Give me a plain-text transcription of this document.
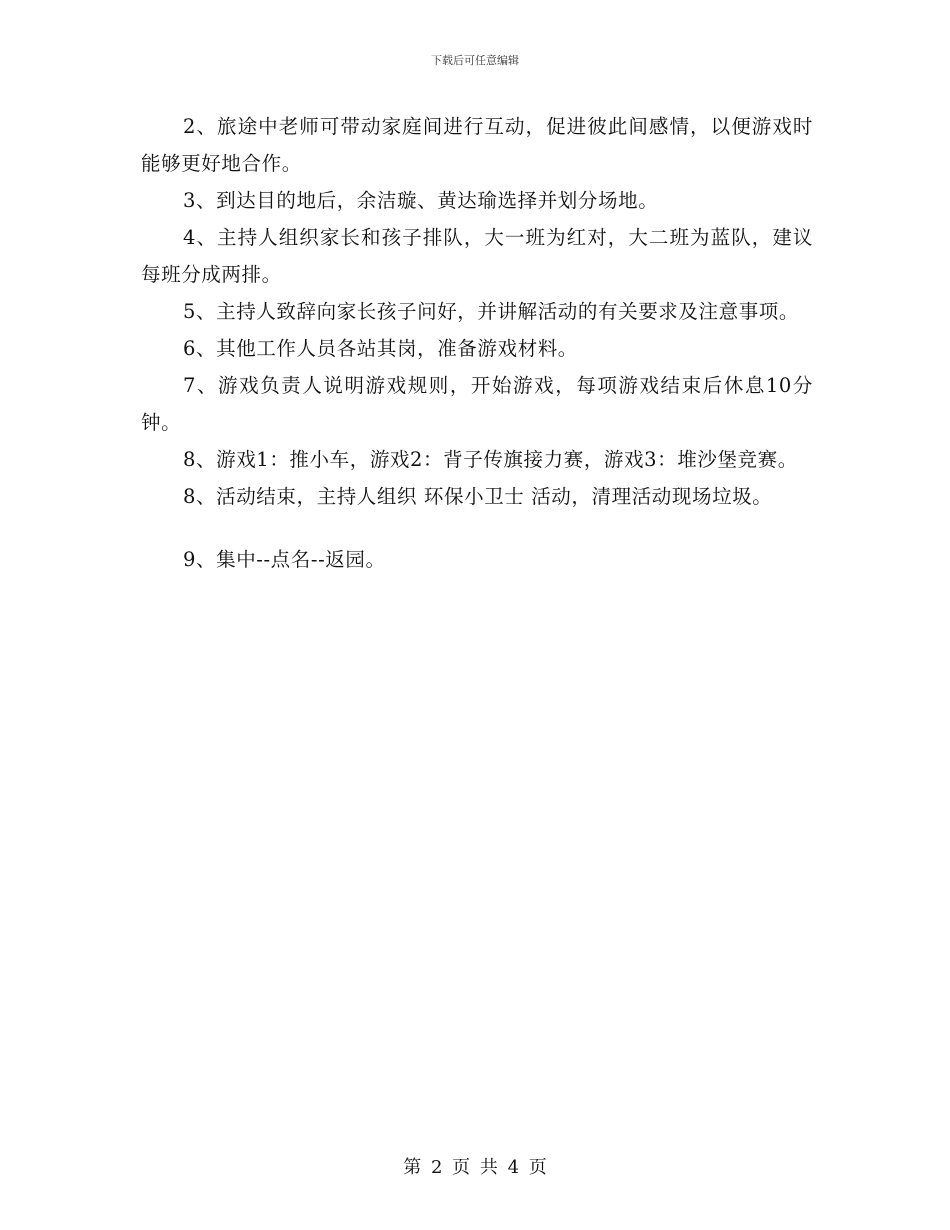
下载后可任意编辑

2、旅途中老师可带动家庭间进行互动，促进彼此间感情，以便游戏时能够更好地合作。

3、到达目的地后，余洁璇、黄达瑜选择并划分场地。

4、主持人组织家长和孩子排队，大一班为红对，大二班为蓝队，建议每班分成两排。

5、主持人致辞向家长孩子问好，并讲解活动的有关要求及注意事项。

6、其他工作人员各站其岗，准备游戏材料。

7、游戏负责人说明游戏规则，开始游戏，每项游戏结束后休息10分钟。

8、游戏1：推小车，游戏2：背子传旗接力赛，游戏3：堆沙堡竞赛。

8、活动结束，主持人组织 环保小卫士 活动，清理活动现场垃圾。

9、集中--点名--返园。

第 2 页 共 4 页
